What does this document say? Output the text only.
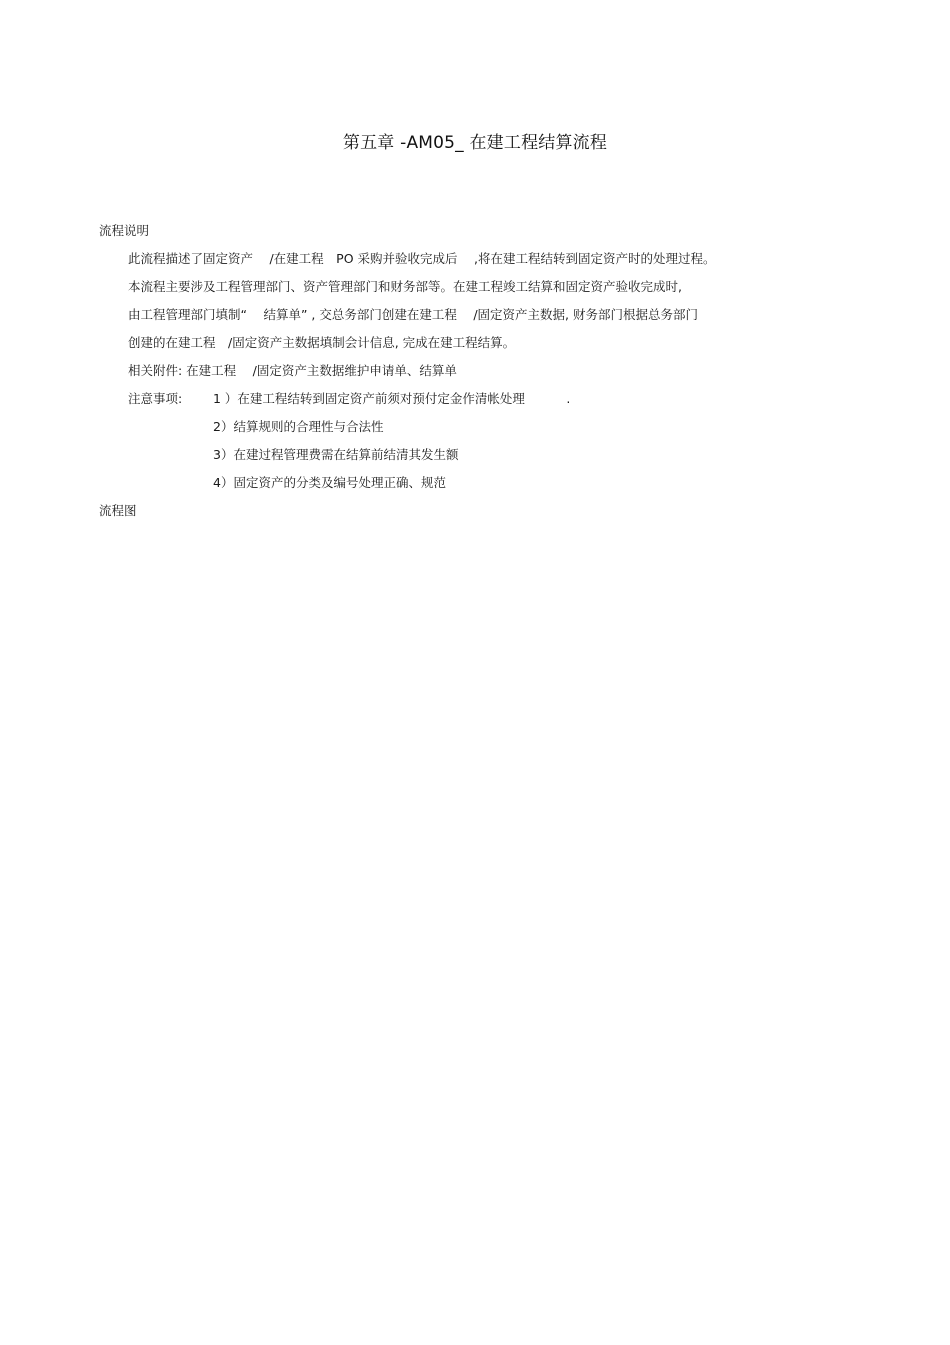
第五章 -AM05_ 在建工程结算流程
流程说明
此流程描述了固定资产　 /在建工程　PO 采购并验收完成后　 ,将在建工程结转到固定资产时的处理过程。
本流程主要涉及工程管理部门、资产管理部门和财务部等。在建工程竣工结算和固定资产验收完成时,
由工程管理部门填制“　 结算单” , 交总务部门创建在建工程　 /固定资产主数据, 财务部门根据总务部门
创建的在建工程　/固定资产主数据填制会计信息, 完成在建工程结算。
相关附件: 在建工程　 /固定资产主数据维护申请单、结算单
注意事项: 1 ）在建工程结转到固定资产前须对预付定金作清帐处理　　　 .
2）结算规则的合理性与合法性
3）在建过程管理费需在结算前结清其发生额
4）固定资产的分类及编号处理正确、规范
流程图
